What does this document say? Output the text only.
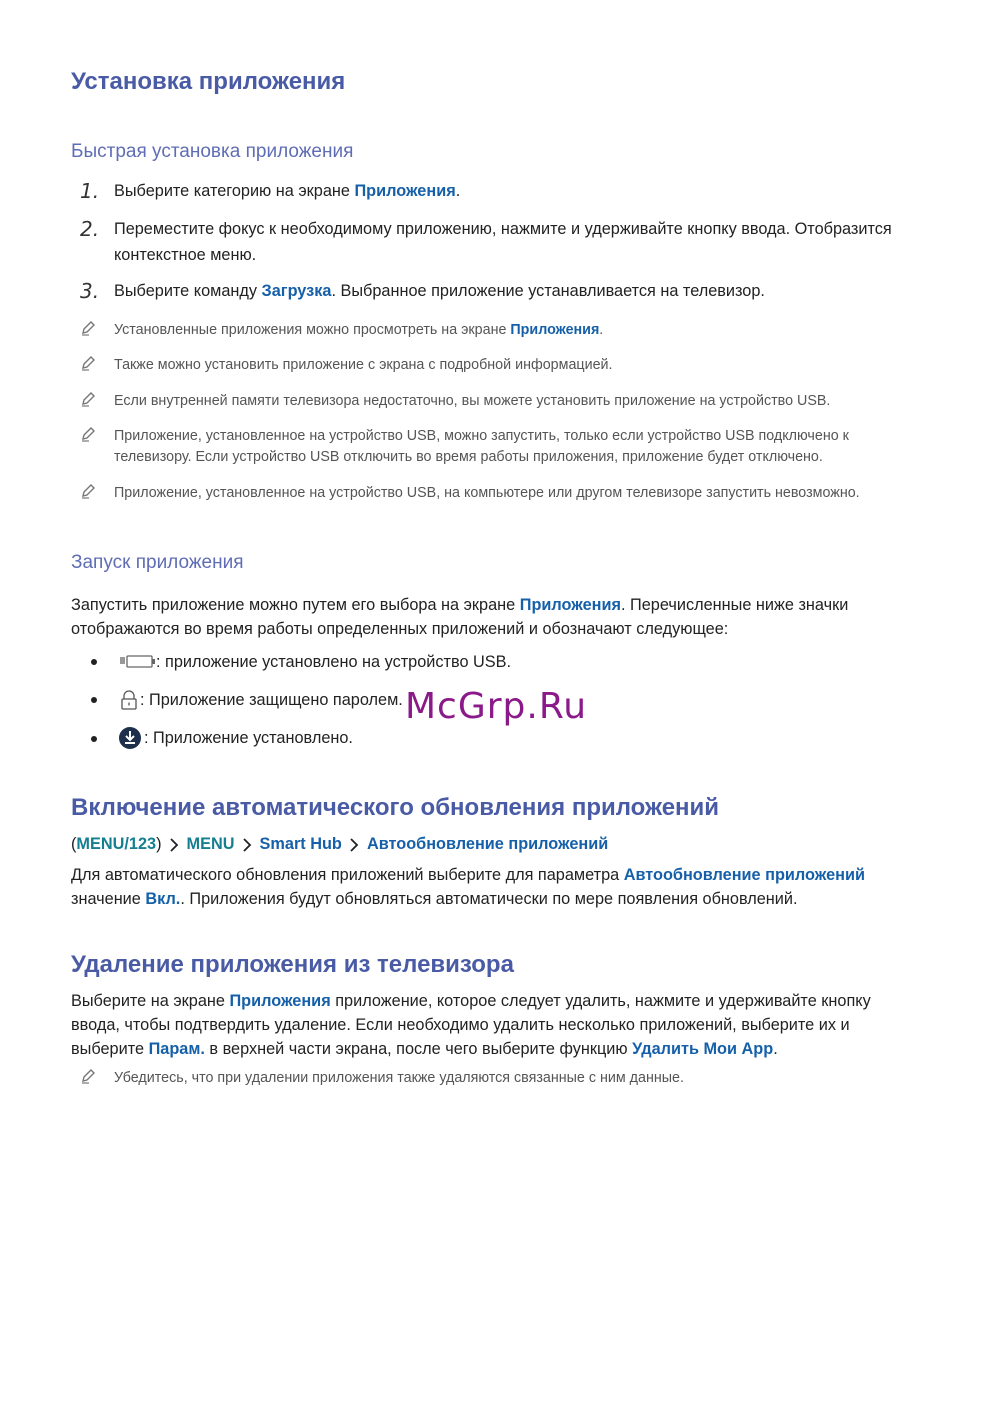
Установка приложения
Быстрая установка приложения
1. Выберите категорию на экране Приложения.

2. Переместите фокус к необходимому приложению, нажмите и удерживайте кнопку ввода. Отобразится
контекстное меню.

3. Выберите команду Загрузка. Выбранное приложение устанавливается на телевизор.

Установленные приложения можно просмотреть на экране Приложения.

Также можно установить приложение с экрана с подробной информацией.

Если внутренней памяти телевизора недостаточно, вы можете установить приложение на устройство USB.

Приложение, установленное на устройство USB, можно запустить, только если устройство USB подключено к
телевизору. Если устройство USB отключить во время работы приложения, приложение будет отключено.

Приложение, установленное на устройство USB, на компьютере или другом телевизоре запустить невозможно.

Запуск приложения

Запустить приложение можно путем его выбора на экране Приложения. Перечисленные ниже значки
отображаются во время работы определенных приложений и обозначают следующее:

: приложение установлено на устройство USB.

: Приложение защищено паролем.

: Приложение установлено.

McGrp.Ru
Включение автоматического обновления приложений

(MENU/123) MENU Smart Hub Автообновление приложений

Для автоматического обновления приложений выберите для параметра Автообновление приложений
значение Вкл.. Приложения будут обновляться автоматически по мере появления обновлений.

Удаление приложения из телевизора

Выберите на экране Приложения приложение, которое следует удалить, нажмите и удерживайте кнопку
ввода, чтобы подтвердить удаление. Если необходимо удалить несколько приложений, выберите их и
выберите Парам. в верхней части экрана, после чего выберите функцию Удалить Мои App.

Убедитесь, что при удалении приложения также удаляются связанные с ним данные.
